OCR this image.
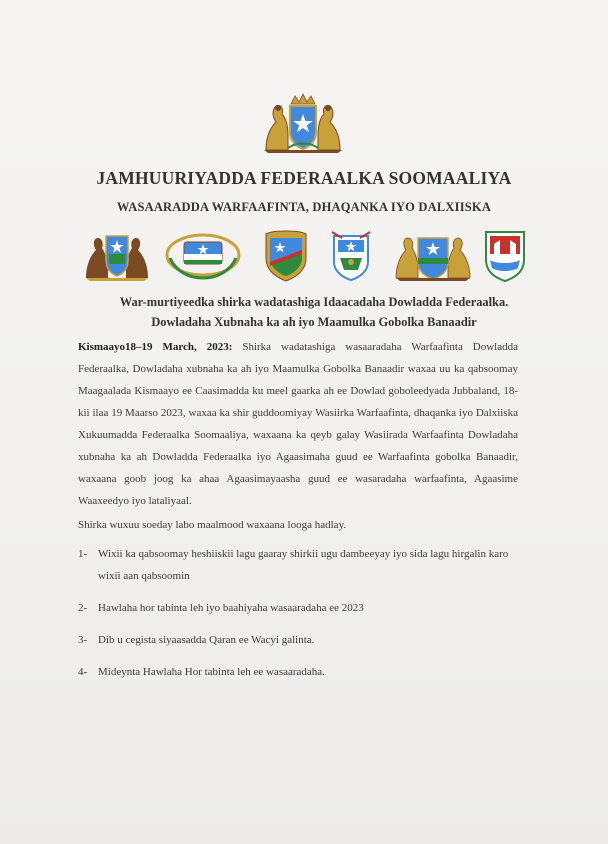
JAMHUURIYADDA FEDERAALKA SOOMAALIYA
WASAARADDA WARFAAFINTA, DHAQANKA IYO DALXIISKA
War-murtiyeedka shirka wadatashiga Idaacadaha Dowladda Federaalka.
Dowladaha Xubnaha ka ah iyo Maamulka Gobolka Banaadir
Kismaayo18–19 March, 2023: Shirka wadatashiga wasaaradaha Warfaafinta Dowladda Federaalka, Dowladaha xubnaha ka ah iyo Maamulka Gobolka Banaadir waxaa uu ka qabsoomay Maagaalada Kismaayo ee Caasimadda ku meel gaarka ah ee Dowlad goboleedyada Jubbaland, 18-kii ilaa 19 Maarso 2023, waxaa ka shir guddoomiyay Wasiirka Warfaafinta, dhaqanka iyo Dalxiiska Xukuumadda Federaalka Soomaaliya, waxaana ka qeyb galay Wasiirada Warfaafinta Dowladaha xubnaha ka ah Dowladda Federaalka iyo Agaasimaha guud ee Warfaafinta gobolka Banaadir, waxaana goob joog ka ahaa Agaasimayaasha guud ee wasaradaha warfaafinta, Agaasime Waaxeedyo iyo lataliyaal.
Shirka wuxuu soeday labo maalmood waxaana looga hadlay.
1- Wixii ka qabsoomay heshiiskii lagu gaaray shirkii ugu dambeeyay iyo sida lagu hirgalin karo wixii aan qabsoomin
2- Hawlaha hor tabinta leh iyo baahiyaha wasaaradaha ee 2023
3- Dib u cegista siyaasadda Qaran ee Wacyi galinta.
4- Mideynta Hawlaha Hor tabinta leh ee wasaaradaha.
